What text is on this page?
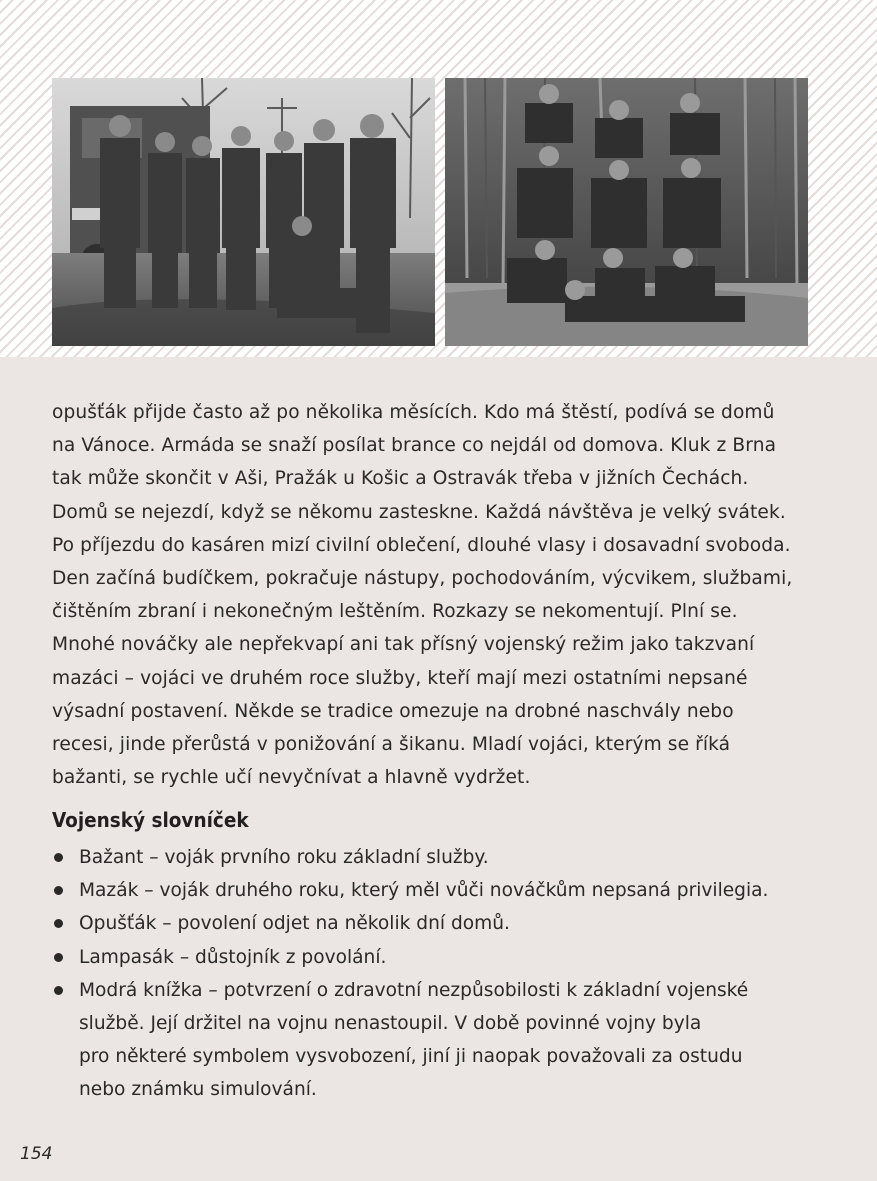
opušťák přijde často až po několika měsících. Kdo má štěstí, podívá se domů
na Vánoce. Armáda se snaží posílat brance co nejdál od domova. Kluk z Brna
tak může skončit v Aši, Pražák u Košic a Ostravák třeba v jižních Čechách.
Domů se nejezdí, když se někomu zasteskne. Každá návštěva je velký svátek.
Po příjezdu do kasáren mizí civilní oblečení, dlouhé vlasy i dosavadní svoboda.
Den začíná budíčkem, pokračuje nástupy, pochodováním, výcvikem, službami,
čištěním zbraní i nekonečným leštěním. Rozkazy se nekomentují. Plní se.
Mnohé nováčky ale nepřekvapí ani tak přísný vojenský režim jako takzvaní
mazáci – vojáci ve druhém roce služby, kteří mají mezi ostatními nepsané
výsadní postavení. Někde se tradice omezuje na drobné naschvály nebo
recesi, jinde přerůstá v ponižování a šikanu. Mladí vojáci, kterým se říká
bažanti, se rychle učí nevyčnívat a hlavně vydržet.

Vojenský slovníček
Bažant – voják prvního roku základní služby.
Mazák – voják druhého roku, který měl vůči nováčkům nepsaná privilegia.
Opušťák – povolení odjet na několik dní domů.
Lampasák – důstojník z povolání.
Modrá knížka – potvrzení o zdravotní nezpůsobilosti k základní vojenské
službě. Její držitel na vojnu nenastoupil. V době povinné vojny byla
pro některé symbolem vysvobození, jiní ji naopak považovali za ostudu
nebo známku simulování.

154
